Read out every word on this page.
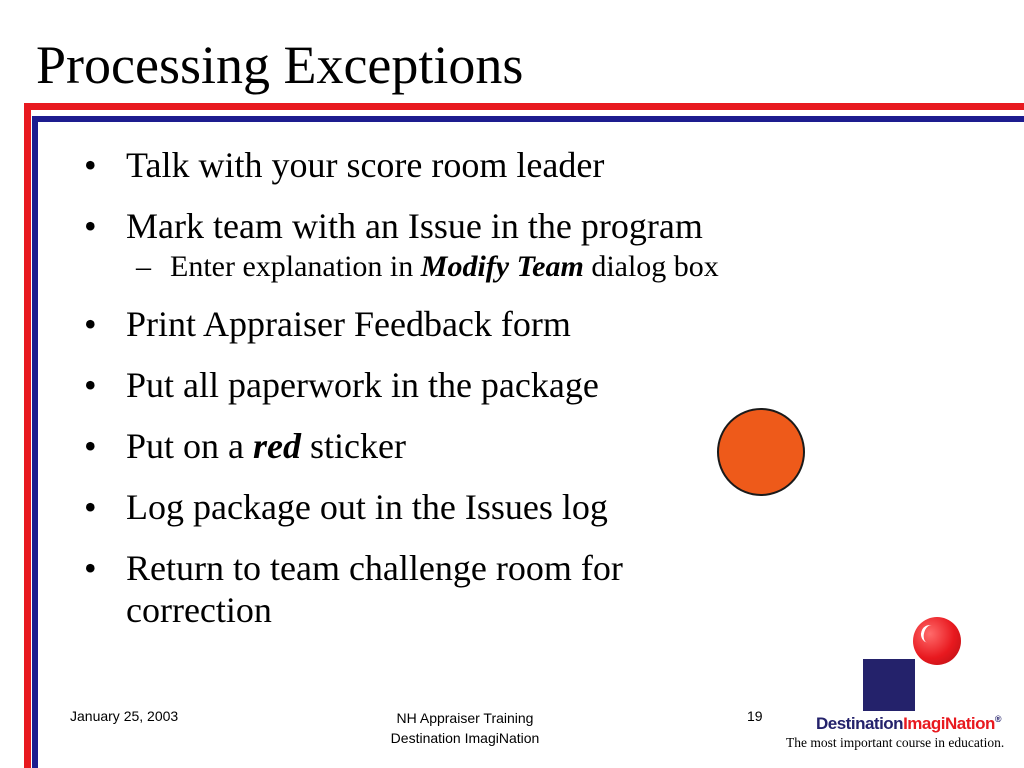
Processing Exceptions
• Talk with your score room leader
• Mark team with an Issue in the program
– Enter explanation in Modify Team dialog box
• Print Appraiser Feedback form
• Put all paperwork in the package
• Put on a red sticker
• Log package out in the Issues log
• Return to team challenge room for
correction
January 25, 2003	NH Appraiser Training
Destination ImagiNation
19	DestinationImagiNation®
The most important course in education.
